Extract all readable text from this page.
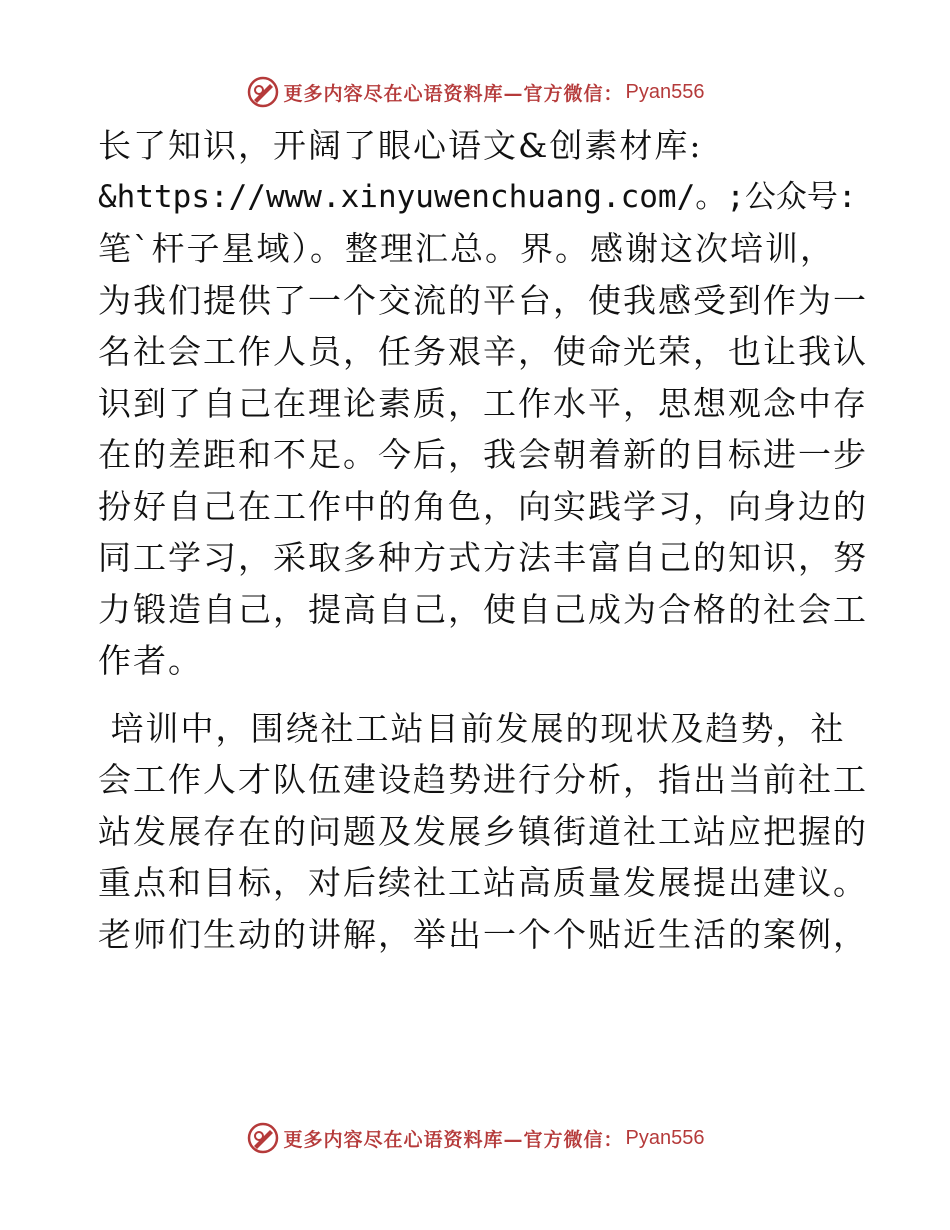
更多内容尽在心语资料库—官方微信： Pyan556
长了知识，开阔了眼心语文&创素材库:
&https://www.xinyuwenchuang.com/。;公众号:
笔`杆子星域）。整理汇总。界。感谢这次培训，
为我们提供了一个交流的平台，使我感受到作为一
名社会工作人员，任务艰辛，使命光荣，也让我认
识到了自己在理论素质，工作水平，思想观念中存
在的差距和不足。今后，我会朝着新的目标进一步
扮好自己在工作中的角色，向实践学习，向身边的
同工学习，采取多种方式方法丰富自己的知识，努
力锻造自己，提高自己，使自己成为合格的社会工
作者。
培训中，围绕社工站目前发展的现状及趋势，社
会工作人才队伍建设趋势进行分析，指出当前社工
站发展存在的问题及发展乡镇街道社工站应把握的
重点和目标，对后续社工站高质量发展提出建议。
老师们生动的讲解，举出一个个贴近生活的案例，
更多内容尽在心语资料库—官方微信： Pyan556
